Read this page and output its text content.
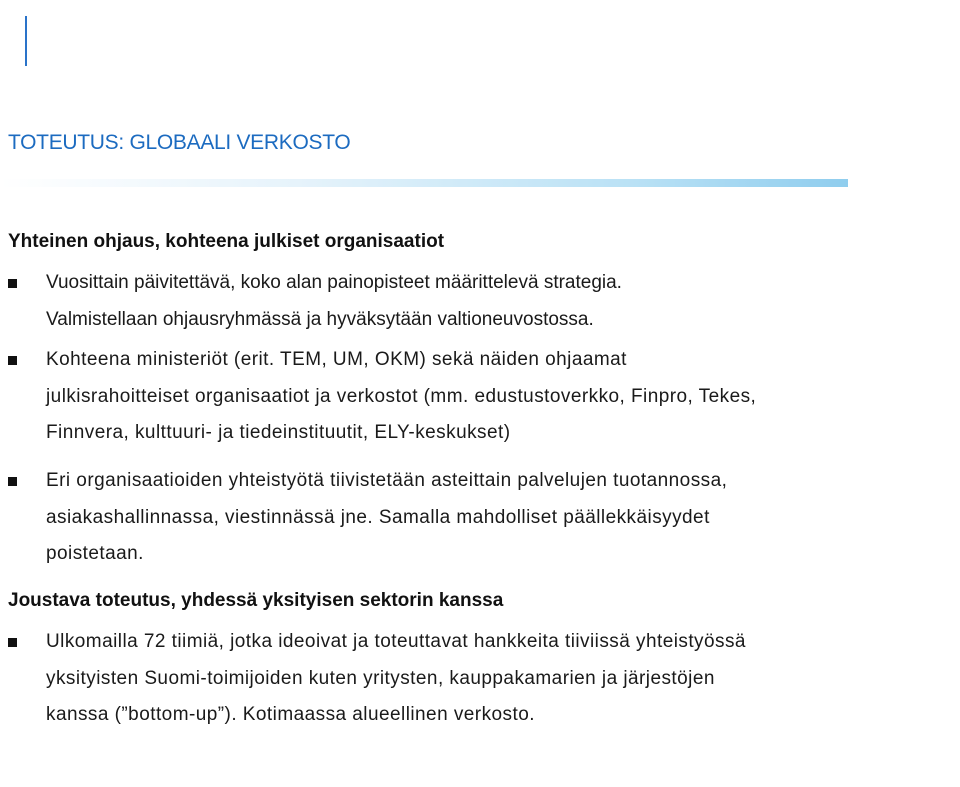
TOTEUTUS: GLOBAALI VERKOSTO
Yhteinen ohjaus, kohteena julkiset organisaatiot
Vuosittain päivitettävä, koko alan painopisteet määrittelevä strategia.
Valmistellaan ohjausryhmässä ja hyväksytään valtioneuvostossa.
Kohteena ministeriöt (erit. TEM, UM, OKM) sekä näiden ohjaamat
julkisrahoitteiset organisaatiot ja verkostot (mm. edustustoverkko, Finpro, Tekes,
Finnvera, kulttuuri- ja tiedeinstituutit, ELY-keskukset)
Eri organisaatioiden yhteistyötä tiivistetään asteittain palvelujen tuotannossa,
asiakashallinnassa, viestinnässä jne. Samalla mahdolliset päällekkäisyydet
poistetaan.
Joustava toteutus, yhdessä yksityisen sektorin kanssa
Ulkomailla 72 tiimiä, jotka ideoivat ja toteuttavat hankkeita tiiviissä yhteistyössä
yksityisten Suomi-toimijoiden kuten yritysten, kauppakamarien ja järjestöjen
kanssa (”bottom-up”). Kotimaassa alueellinen verkosto.
